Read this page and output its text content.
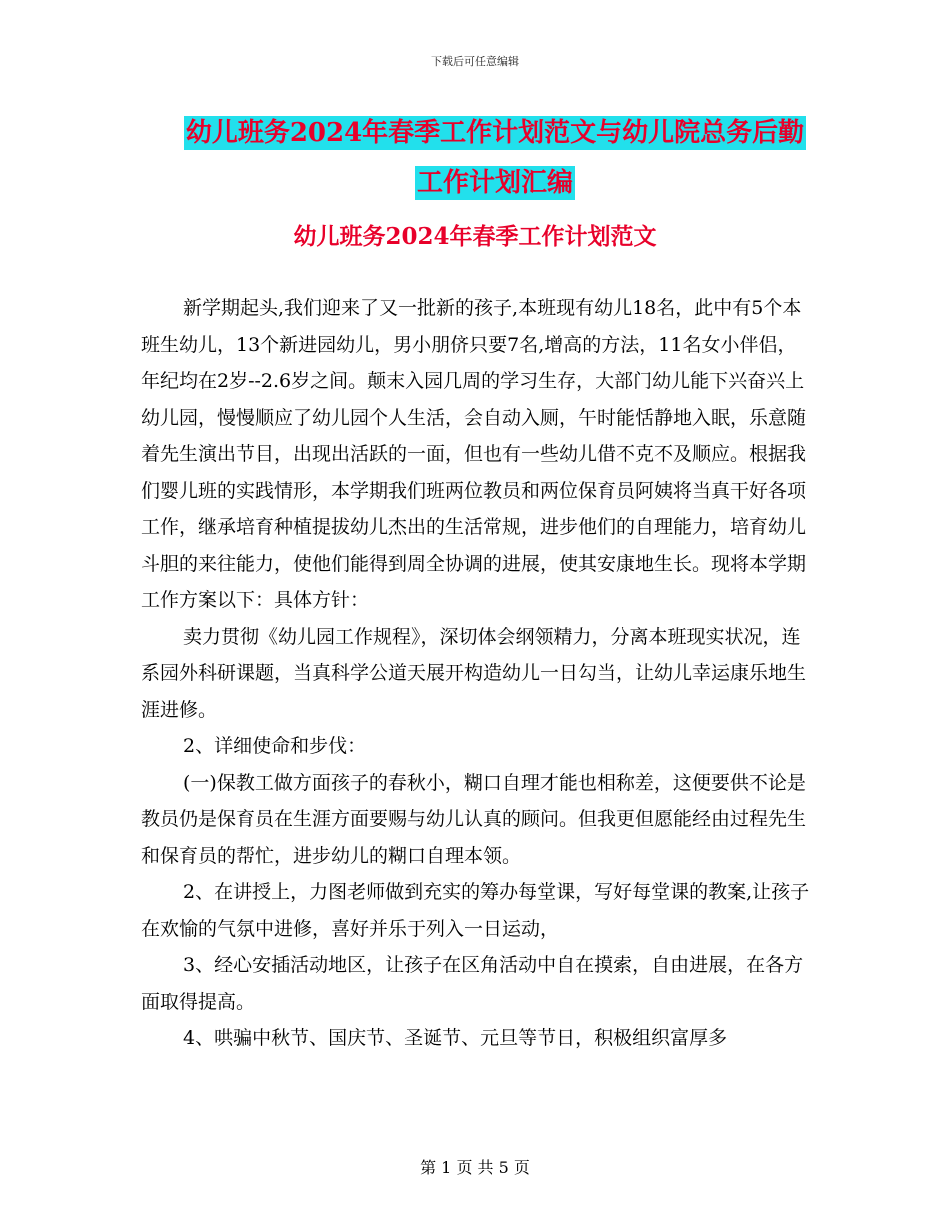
下载后可任意编辑
幼儿班务2024年春季工作计划范文与幼儿院总务后勤
工作计划汇编
幼儿班务2024年春季工作计划范文

新学期起头,我们迎来了又一批新的孩子,本班现有幼儿18名，此中有5个本班生幼儿，13个新进园幼儿，男小朋侪只要7名,增高的方法，11名女小伴侣，年纪均在2岁--2.6岁之间。颠末入园几周的学习生存，大部门幼儿能下兴奋兴上幼儿园，慢慢顺应了幼儿园个人生活，会自动入厕，午时能恬静地入眠，乐意随着先生演出节目，出现出活跃的一面，但也有一些幼儿借不克不及顺应。根据我们婴儿班的实践情形，本学期我们班两位教员和两位保育员阿姨将当真干好各项工作，继承培育种植提拔幼儿杰出的生活常规，进步他们的自理能力，培育幼儿斗胆的来往能力，使他们能得到周全协调的进展，使其安康地生长。现将本学期工作方案以下：具体方针：

卖力贯彻《幼儿园工作规程》，深切体会纲领精力，分离本班现实状况，连系园外科研课题，当真科学公道天展开构造幼儿一日勾当，让幼儿幸运康乐地生涯进修。

2、详细使命和步伐：

(一)保教工做方面孩子的春秋小，糊口自理才能也相称差，这便要供不论是教员仍是保育员在生涯方面要赐与幼儿认真的顾问。但我更但愿能经由过程先生和保育员的帮忙，进步幼儿的糊口自理本领。

2、在讲授上，力图老师做到充实的筹办每堂课，写好每堂课的教案,让孩子在欢愉的气氛中进修，喜好并乐于列入一日运动，

3、经心安插活动地区，让孩子在区角活动中自在摸索，自由进展，在各方面取得提高。

4、哄骗中秋节、国庆节、圣诞节、元旦等节日，积极组织富厚多

第 1 页 共 5 页
